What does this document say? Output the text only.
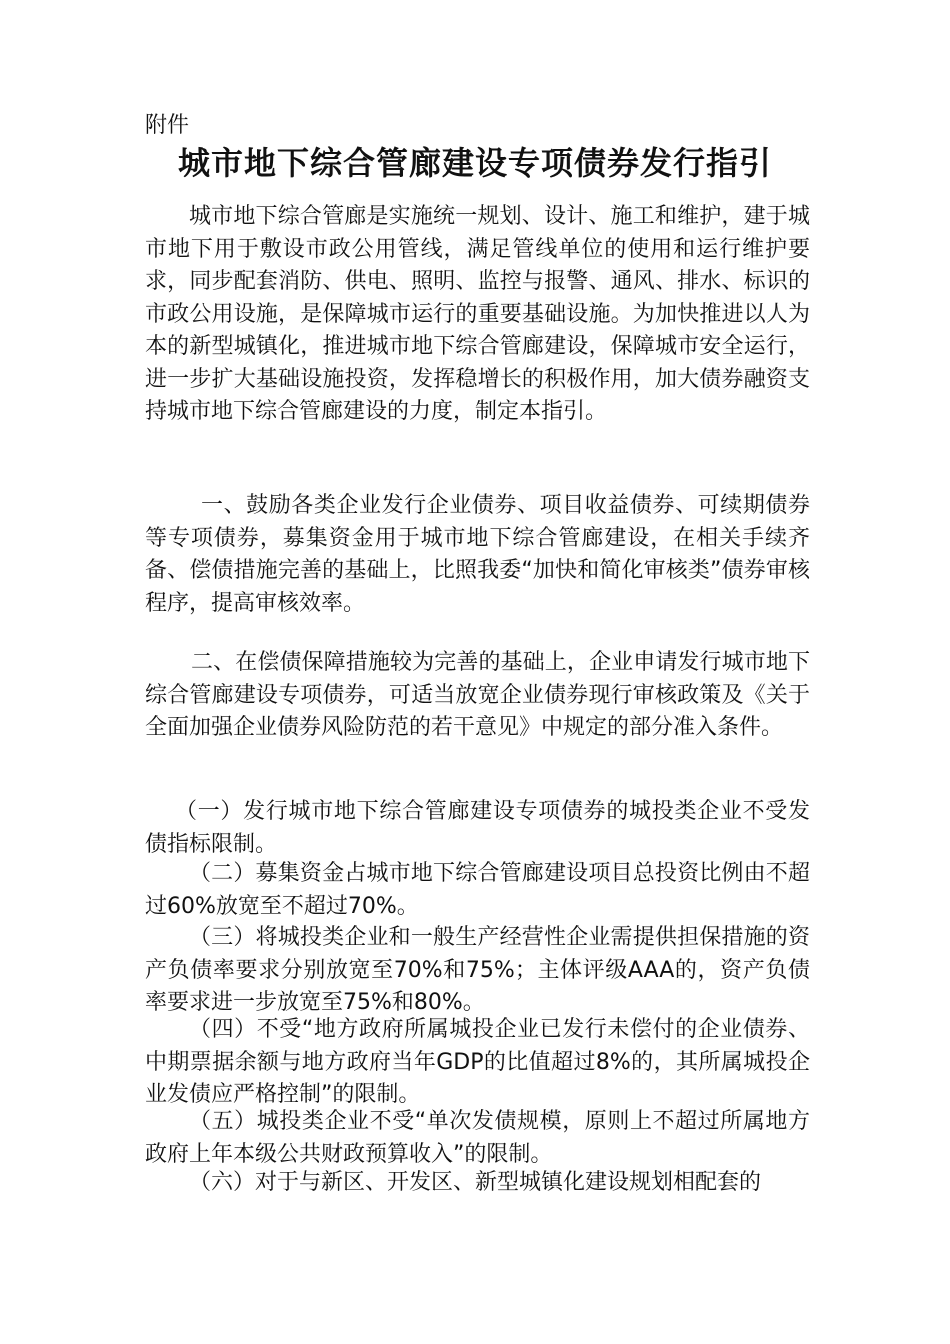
附件
城市地下综合管廊建设专项债券发行指引

城市地下综合管廊是实施统一规划、设计、施工和维护，建于城市地下用于敷设市政公用管线，满足管线单位的使用和运行维护要求，同步配套消防、供电、照明、监控与报警、通风、排水、标识的市政公用设施，是保障城市运行的重要基础设施。为加快推进以人为本的新型城镇化，推进城市地下综合管廊建设，保障城市安全运行，进一步扩大基础设施投资，发挥稳增长的积极作用，加大债券融资支持城市地下综合管廊建设的力度，制定本指引。

一、鼓励各类企业发行企业债券、项目收益债券、可续期债券等专项债券，募集资金用于城市地下综合管廊建设，在相关手续齐备、偿债措施完善的基础上，比照我委“加快和简化审核类”债券审核程序，提高审核效率。

二、在偿债保障措施较为完善的基础上，企业申请发行城市地下综合管廊建设专项债券，可适当放宽企业债券现行审核政策及《关于全面加强企业债券风险防范的若干意见》中规定的部分准入条件。

（一）发行城市地下综合管廊建设专项债券的城投类企业不受发债指标限制。

（二）募集资金占城市地下综合管廊建设项目总投资比例由不超过60%放宽至不超过70%。

（三）将城投类企业和一般生产经营性企业需提供担保措施的资产负债率要求分别放宽至70%和75%；主体评级AAA的，资产负债率要求进一步放宽至75%和80%。

（四）不受“地方政府所属城投企业已发行未偿付的企业债券、中期票据余额与地方政府当年GDP的比值超过8%的，其所属城投企业发债应严格控制”的限制。

（五）城投类企业不受“单次发债规模，原则上不超过所属地方政府上年本级公共财政预算收入”的限制。

（六）对于与新区、开发区、新型城镇化建设规划相配套的
